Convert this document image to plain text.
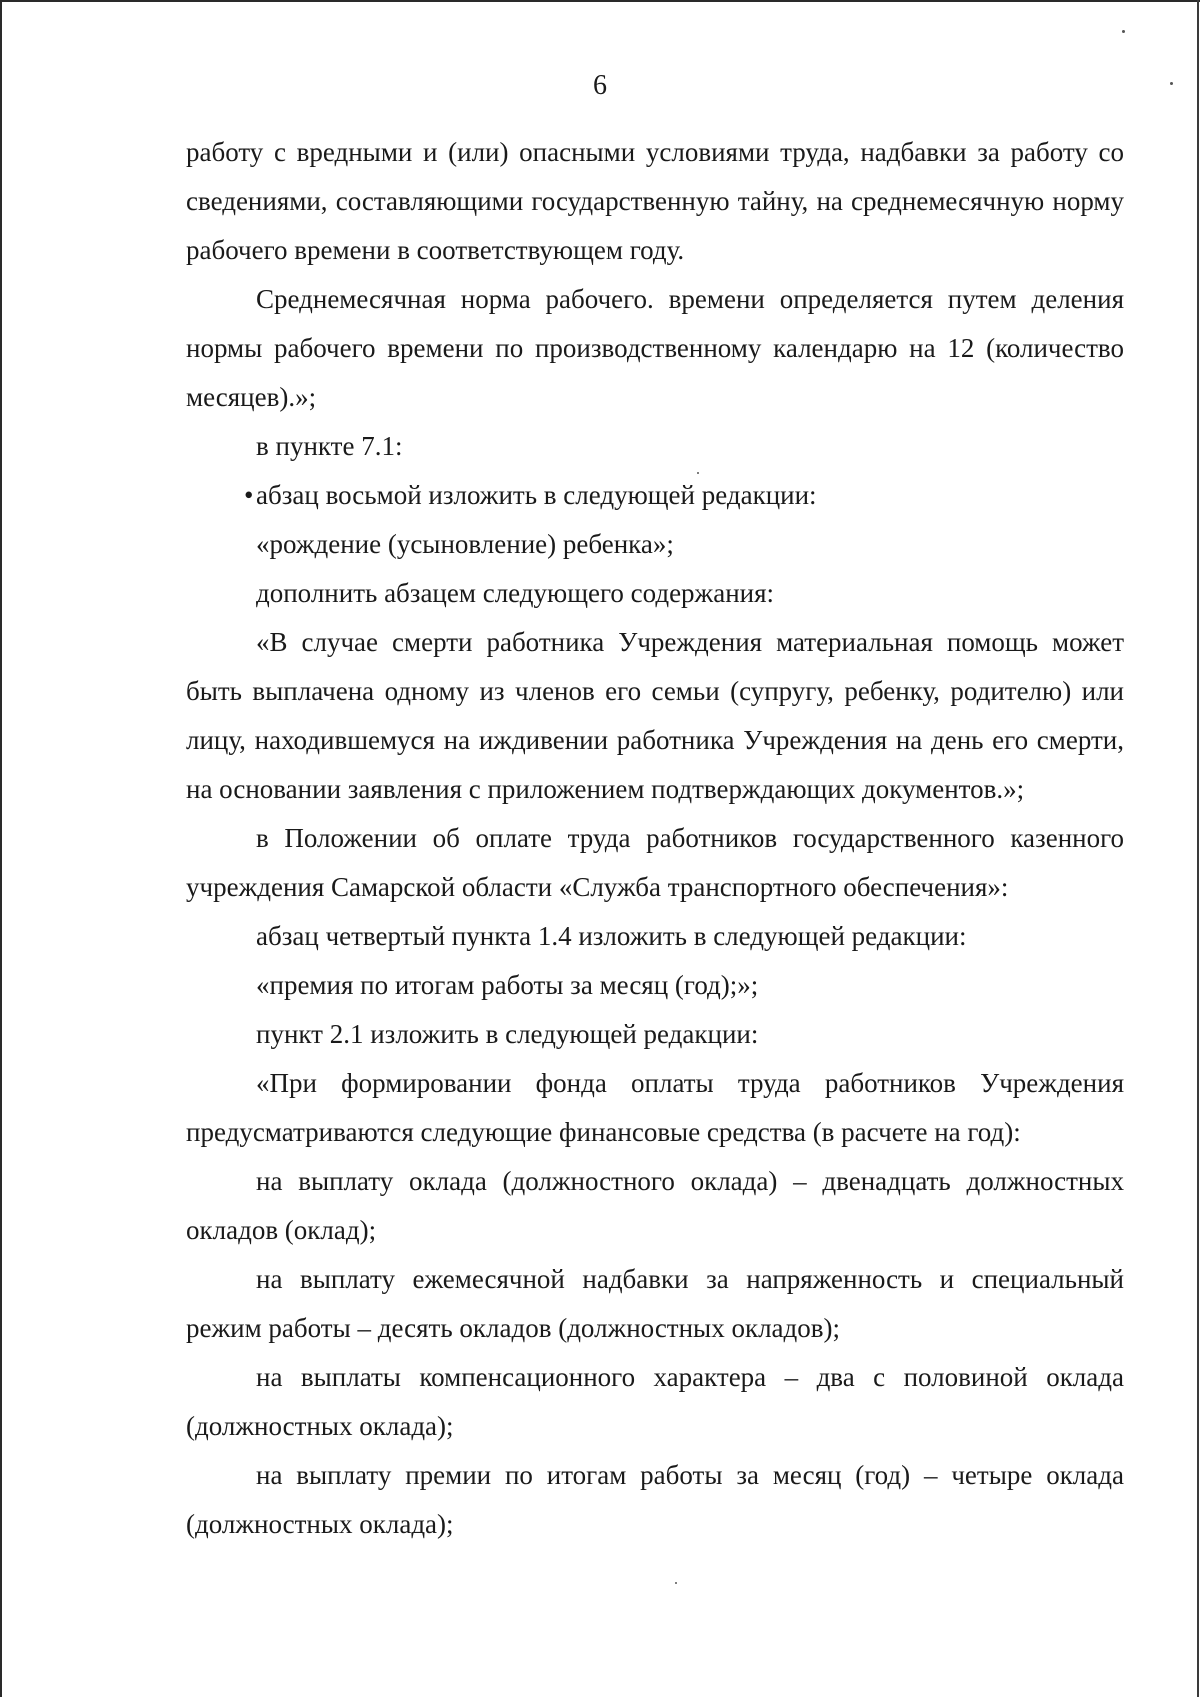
6

работу с вредными и (или) опасными условиями труда, надбавки за работу со сведениями, составляющими государственную тайну, на среднемесячную норму рабочего времени в соответствующем году.

Среднемесячная норма рабочего. времени определяется путем деления нормы рабочего времени по производственному календарю на 12 (количество месяцев).»;

в пункте 7.1:

•абзац восьмой изложить в следующей редакции:

«рождение (усыновление) ребенка»;

дополнить абзацем следующего содержания:

«В случае смерти работника Учреждения материальная помощь может быть выплачена одному из членов его семьи (супругу, ребенку, родителю) или лицу, находившемуся на иждивении работника Учреждения на день его смерти, на основании заявления с приложением подтверждающих документов.»;

в Положении об оплате труда работников государственного казенного учреждения Самарской области «Служба транспортного обеспечения»:

абзац четвертый пункта 1.4 изложить в следующей редакции:

«премия по итогам работы за месяц (год);»;

пункт 2.1 изложить в следующей редакции:

«При формировании фонда оплаты труда работников Учреждения предусматриваются следующие финансовые средства (в расчете на год):

на выплату оклада (должностного оклада) – двенадцать должностных окладов (оклад);

на выплату ежемесячной надбавки за напряженность и специальный режим работы – десять окладов (должностных окладов);

на выплаты компенсационного характера – два с половиной оклада (должностных оклада);

на выплату премии по итогам работы за месяц (год) – четыре оклада (должностных оклада);
